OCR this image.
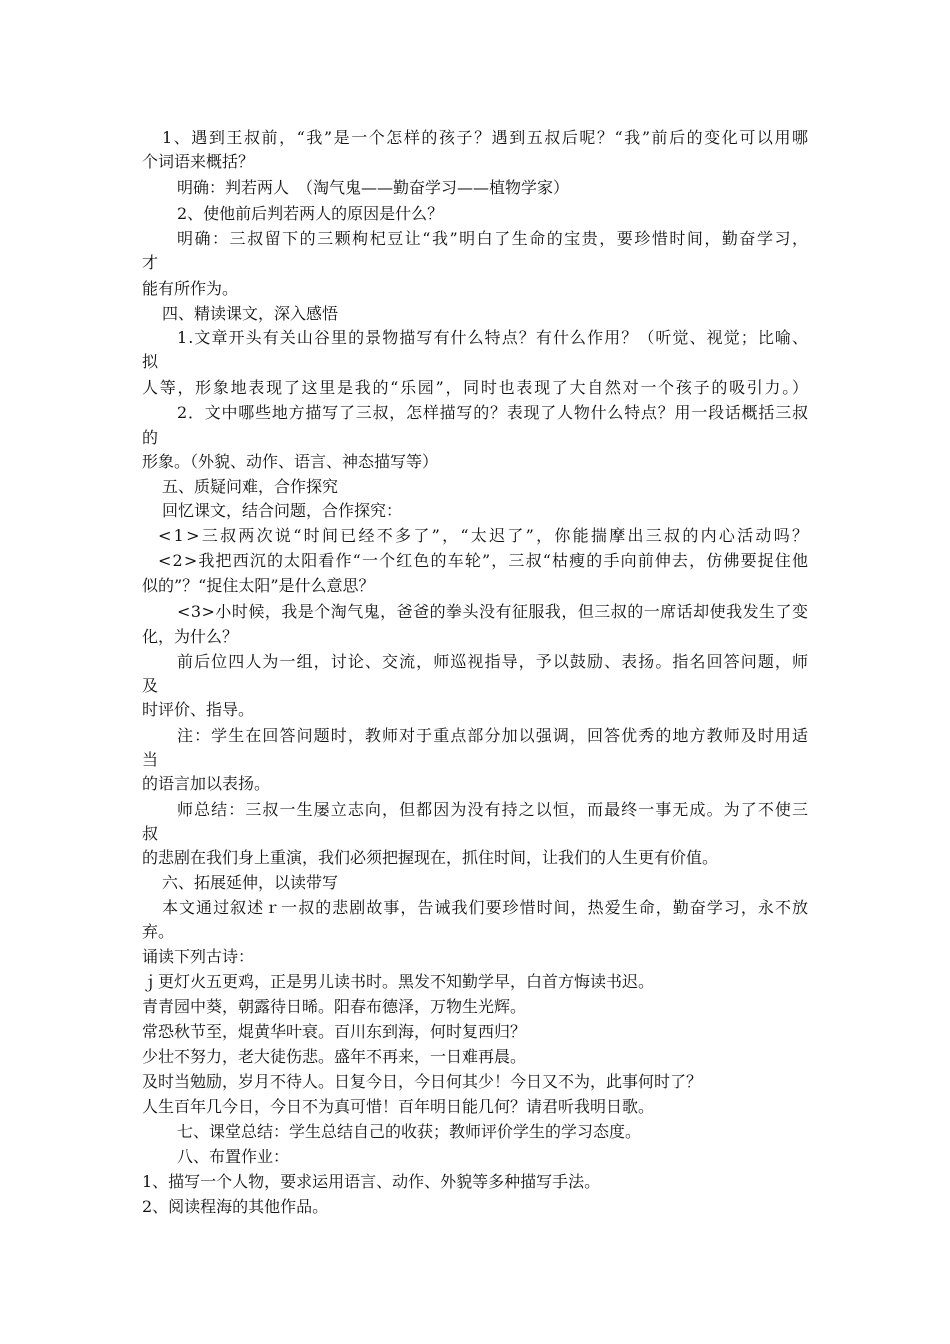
1、遇到王叔前，“我”是一个怎样的孩子？遇到五叔后呢？“我”前后的变化可以用哪
个词语来概括？
明确：判若两人　（淘气鬼——勤奋学习——植物学家）
2、使他前后判若两人的原因是什么？
明确：三叔留下的三颗枸杞豆让“我”明白了生命的宝贵，要珍惜时间，勤奋学习，
才
能有所作为。
四、精读课文，深入感悟
1.文章开头有关山谷里的景物描写有什么特点？有什么作用？（听觉、视觉；比喻、
拟
人等，形象地表现了这里是我的“乐园”，同时也表现了大自然对一个孩子的吸引力。）
2．文中哪些地方描写了三叔，怎样描写的？表现了人物什么特点？用一段话概括三叔
的
形象。（外貌、动作、语言、神态描写等）
五、质疑问难，合作探究
回忆课文，结合问题，合作探究：
<1>三叔两次说“时间已经不多了”，“太迟了”，你能揣摩出三叔的内心活动吗？
<2>我把西沉的太阳看作“一个红色的车轮”，三叔“枯瘦的手向前伸去，仿佛要捉住他
似的”？“捉住太阳”是什么意思？
<3>小时候，我是个淘气鬼，爸爸的拳头没有征服我，但三叔的一席话却使我发生了变
化，为什么？
前后位四人为一组，讨论、交流，师巡视指导，予以鼓励、表扬。指名回答问题，师
及
时评价、指导。
注：学生在回答问题时，教师对于重点部分加以强调，回答优秀的地方教师及时用适
当
的语言加以表扬。
师总结：三叔一生屡立志向，但都因为没有持之以恒，而最终一事无成。为了不使三
叔
的悲剧在我们身上重演，我们必须把握现在，抓住时间，让我们的人生更有价值。
六、拓展延伸，以读带写
本文通过叙述ｒ一叔的悲剧故事，告诫我们要珍惜时间，热爱生命，勤奋学习，永不放
弃。
诵读下列古诗：
ｊ更灯火五更鸡，正是男儿读书时。黑发不知勤学早，白首方悔读书迟。
青青园中葵，朝露待日晞。阳春布德泽，万物生光辉。
常恐秋节至，焜黄华叶衰。百川东到海，何时复西归？
少壮不努力，老大徒伤悲。盛年不再来，一日难再晨。
及时当勉励，岁月不待人。日复今日，今日何其少！今日又不为，此事何时了？
人生百年几今日，今日不为真可惜！百年明日能几何？请君听我明日歌。
七、课堂总结：学生总结自己的收获；教师评价学生的学习态度。
八、布置作业：
1、描写一个人物，要求运用语言、动作、外貌等多种描写手法。
2、阅读程海的其他作品。
